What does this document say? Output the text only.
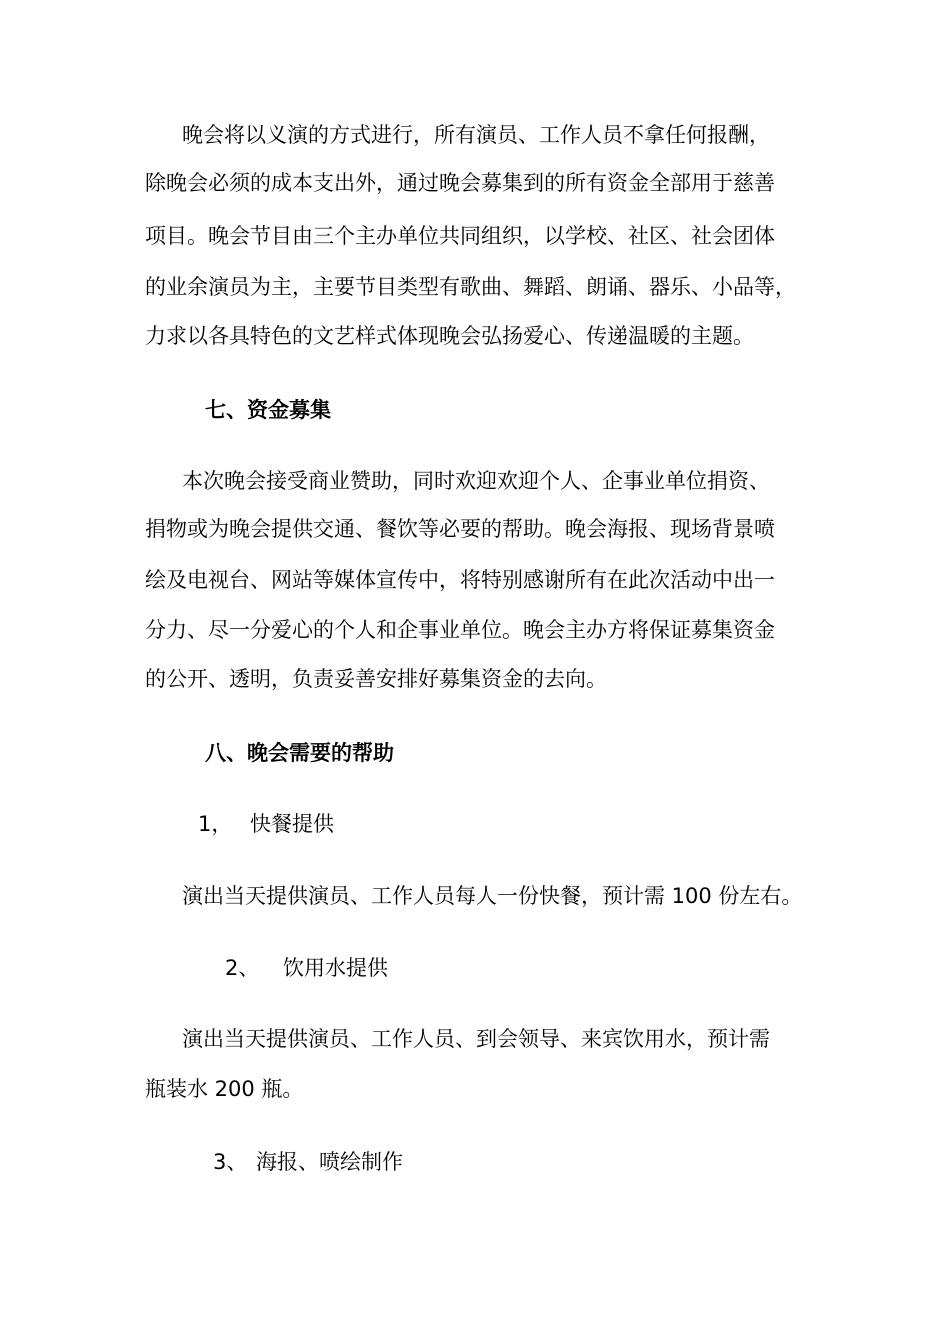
晚会将以义演的方式进行，所有演员、工作人员不拿任何报酬，
除晚会必须的成本支出外，通过晚会募集到的所有资金全部用于慈善
项目。晚会节目由三个主办单位共同组织，以学校、社区、社会团体
的业余演员为主，主要节目类型有歌曲、舞蹈、朗诵、器乐、小品等，
力求以各具特色的文艺样式体现晚会弘扬爱心、传递温暖的主题。
七、资金募集
本次晚会接受商业赞助，同时欢迎欢迎个人、企事业单位捐资、
捐物或为晚会提供交通、餐饮等必要的帮助。晚会海报、现场背景喷
绘及电视台、网站等媒体宣传中，将特别感谢所有在此次活动中出一
分力、尽一分爱心的个人和企事业单位。晚会主办方将保证募集资金
的公开、透明，负责妥善安排好募集资金的去向。
八、晚会需要的帮助
1， 快餐提供
演出当天提供演员、工作人员每人一份快餐，预计需 100 份左右。
2、 饮用水提供
演出当天提供演员、工作人员、到会领导、来宾饮用水，预计需
瓶装水 200 瓶。
3、 海报、喷绘制作
